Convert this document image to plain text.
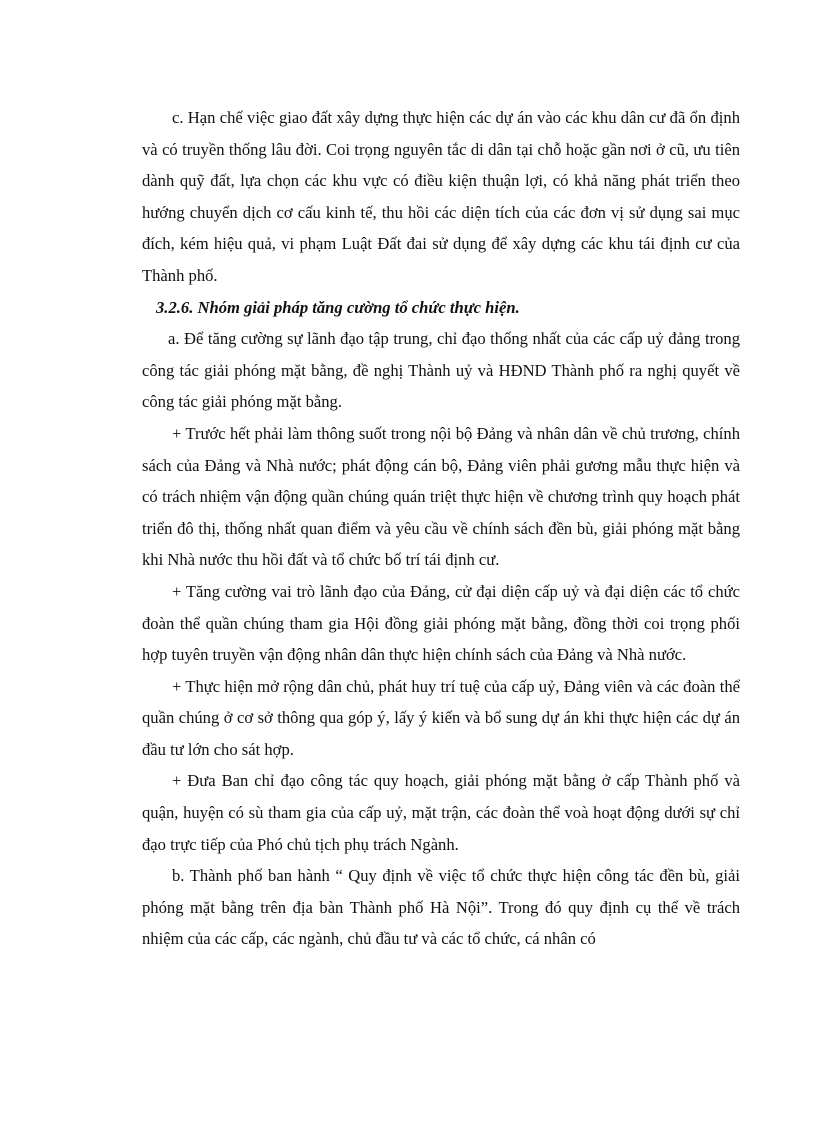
c. Hạn chế việc giao đất xây dựng thực hiện các dự án vào các khu dân cư đã ổn định và có truyền thống lâu đời. Coi trọng nguyên tắc di dân tại chỗ hoặc gần nơi ở cũ, ưu tiên dành quỹ đất, lựa chọn các khu vực có điều kiện thuận lợi, có khả năng phát triển theo hướng chuyển dịch cơ cấu kinh tế, thu hồi các diện tích của các đơn vị sử dụng sai mục đích, kém hiệu quả, vi phạm Luật Đất đai sử dụng để xây dựng các khu tái định cư của Thành phố.

3.2.6. Nhóm giải pháp tăng cường tổ chức thực hiện.

a. Để tăng cường sự lãnh đạo tập trung, chỉ đạo thống nhất của các cấp uỷ đảng trong công tác giải phóng mặt bằng, đề nghị Thành uỷ và HĐND Thành phố ra nghị quyết về công tác giải phóng mặt bằng.

+ Trước hết phải làm thông suốt trong nội bộ Đảng và nhân dân về chủ trương, chính sách của Đảng và Nhà nước; phát động cán bộ, Đảng viên phải gương mẫu thực hiện và có trách nhiệm vận động quần chúng quán triệt thực hiện về chương trình quy hoạch phát triển đô thị, thống nhất quan điểm và yêu cầu về chính sách đền bù, giải phóng mặt bằng khi Nhà nước thu hồi đất và tổ chức bố trí tái định cư.

+ Tăng cường vai trò lãnh đạo của Đảng, cử đại diện cấp uỷ và đại diện các tổ chức đoàn thể quần chúng tham gia Hội đồng giải phóng mặt bằng, đồng thời coi trọng phối hợp tuyên truyền vận động nhân dân thực hiện chính sách của Đảng và Nhà nước.

+ Thực hiện mở rộng dân chủ, phát huy trí tuệ của cấp uỷ, Đảng viên và các đoàn thể quần chúng ở cơ sở thông qua góp ý, lấy ý kiến và bổ sung dự án khi thực hiện các dự án đầu tư lớn cho sát hợp.

+ Đưa Ban chỉ đạo công tác quy hoạch, giải phóng mặt bằng ở cấp Thành phố và quận, huyện có sù tham gia của cấp uỷ, mặt trận, các đoàn thể voà hoạt động dưới sự chỉ đạo trực tiếp của Phó chủ tịch phụ trách Ngành.

b. Thành phố ban hành “ Quy định về việc tổ chức thực hiện công tác đền bù, giải phóng mặt bằng trên địa bàn Thành phố Hà Nội”. Trong đó quy định cụ thể về trách nhiệm của các cấp, các ngành, chủ đầu tư và các tổ chức, cá nhân có
